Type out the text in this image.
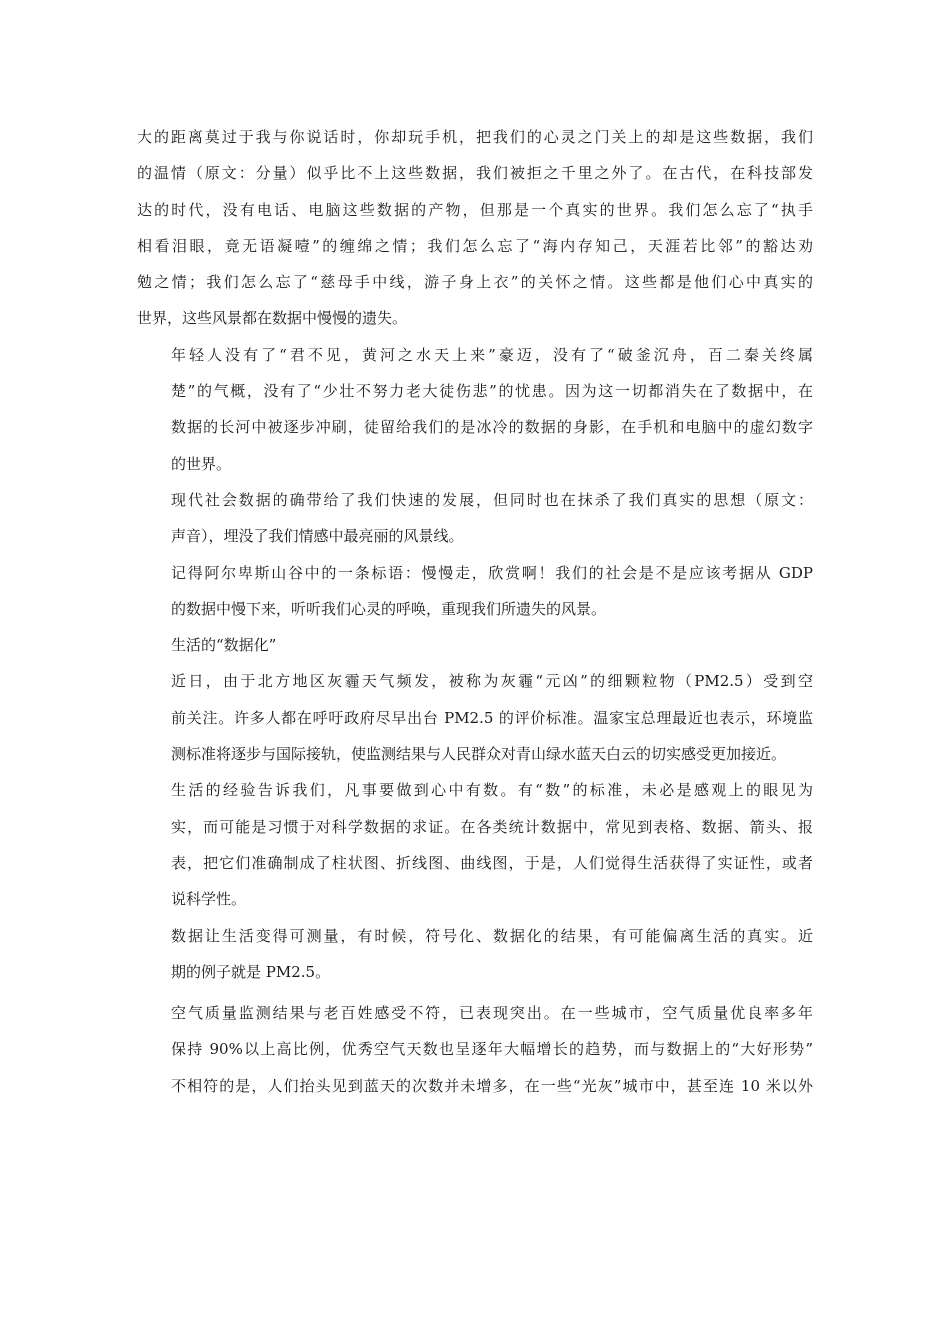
大的距离莫过于我与你说话时，你却玩手机，把我们的心灵之门关上的却是这些数据，我们
的温情（原文：分量）似乎比不上这些数据，我们被拒之千里之外了。在古代，在科技部发
达的时代，没有电话、电脑这些数据的产物，但那是一个真实的世界。我们怎么忘了“执手
相看泪眼，竟无语凝噎”的缠绵之情；我们怎么忘了“海内存知己，天涯若比邻”的豁达劝
勉之情；我们怎么忘了“慈母手中线，游子身上衣”的关怀之情。这些都是他们心中真实的
世界，这些风景都在数据中慢慢的遗失。

年轻人没有了“君不见，黄河之水天上来”豪迈，没有了“破釜沉舟，百二秦关终属
楚”的气概，没有了“少壮不努力老大徒伤悲”的忧患。因为这一切都消失在了数据中，在
数据的长河中被逐步冲刷，徒留给我们的是冰冷的数据的身影，在手机和电脑中的虚幻数字
的世界。

现代社会数据的确带给了我们快速的发展，但同时也在抹杀了我们真实的思想（原文：
声音），埋没了我们情感中最亮丽的风景线。

记得阿尔卑斯山谷中的一条标语：慢慢走，欣赏啊！我们的社会是不是应该考据从 GDP
的数据中慢下来，听听我们心灵的呼唤，重现我们所遗失的风景。

生活的“数据化”

近日，由于北方地区灰霾天气频发，被称为灰霾“元凶”的细颗粒物（PM2.5）受到空
前关注。许多人都在呼吁政府尽早出台 PM2.5 的评价标准。温家宝总理最近也表示，环境监
测标准将逐步与国际接轨，使监测结果与人民群众对青山绿水蓝天白云的切实感受更加接近。

生活的经验告诉我们，凡事要做到心中有数。有“数”的标准，未必是感观上的眼见为
实，而可能是习惯于对科学数据的求证。在各类统计数据中，常见到表格、数据、箭头、报
表，把它们准确制成了柱状图、折线图、曲线图，于是，人们觉得生活获得了实证性，或者
说科学性。

数据让生活变得可测量，有时候，符号化、数据化的结果，有可能偏离生活的真实。近
期的例子就是 PM2.5。

空气质量监测结果与老百姓感受不符，已表现突出。在一些城市，空气质量优良率多年
保持 90%以上高比例，优秀空气天数也呈逐年大幅增长的趋势，而与数据上的“大好形势”
不相符的是，人们抬头见到蓝天的次数并未增多，在一些“光灰”城市中，甚至连 10 米以外
